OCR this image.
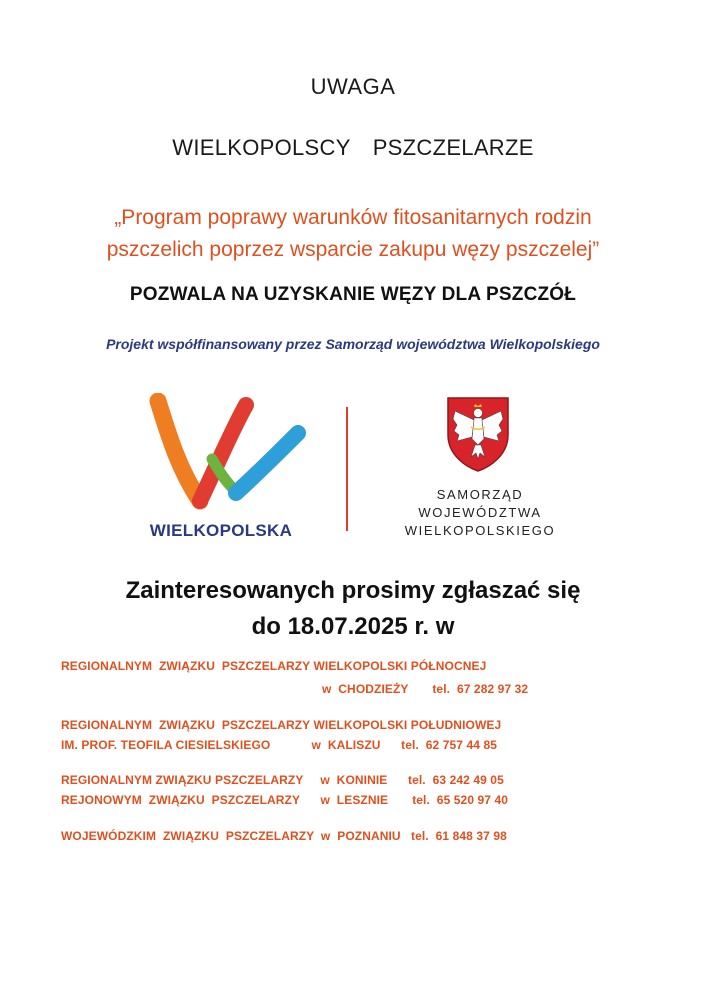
UWAGA
WIELKOPOLSCY PSZCZELARZE
„Program poprawy warunków fitosanitarnych rodzin
pszczelich poprzez wsparcie zakupu węzy pszczelej”
POZWALA NA UZYSKANIE WĘZY DLA PSZCZÓŁ
Projekt współfinansowany przez Samorząd województwa Wielkopolskiego
WIELKOPOLSKA
SAMORZĄD
WOJEWÓDZTWA
WIELKOPOLSKIEGO
Zainteresowanych prosimy zgłaszać się
do 18.07.2025 r. w
REGIONALNYM  ZWIĄZKU  PSZCZELARZY WIELKOPOLSKI PÓŁNOCNEJ
w  CHODZIEŻY       tel.  67 282 97 32
REGIONALNYM  ZWIĄZKU  PSZCZELARZY WIELKOPOLSKI POŁUDNIOWEJ
IM. PROF. TEOFILA CIESIELSKIEGO            w  KALISZU      tel.  62 757 44 85
REGIONALNYM ZWIĄZKU PSZCZELARZY     w  KONINIE      tel.  63 242 49 05
REJONOWYM  ZWIĄZKU  PSZCZELARZY      w  LESZNIE       tel.  65 520 97 40
WOJEWÓDZKIM  ZWIĄZKU  PSZCZELARZY  w  POZNANIU   tel.  61 848 37 98
